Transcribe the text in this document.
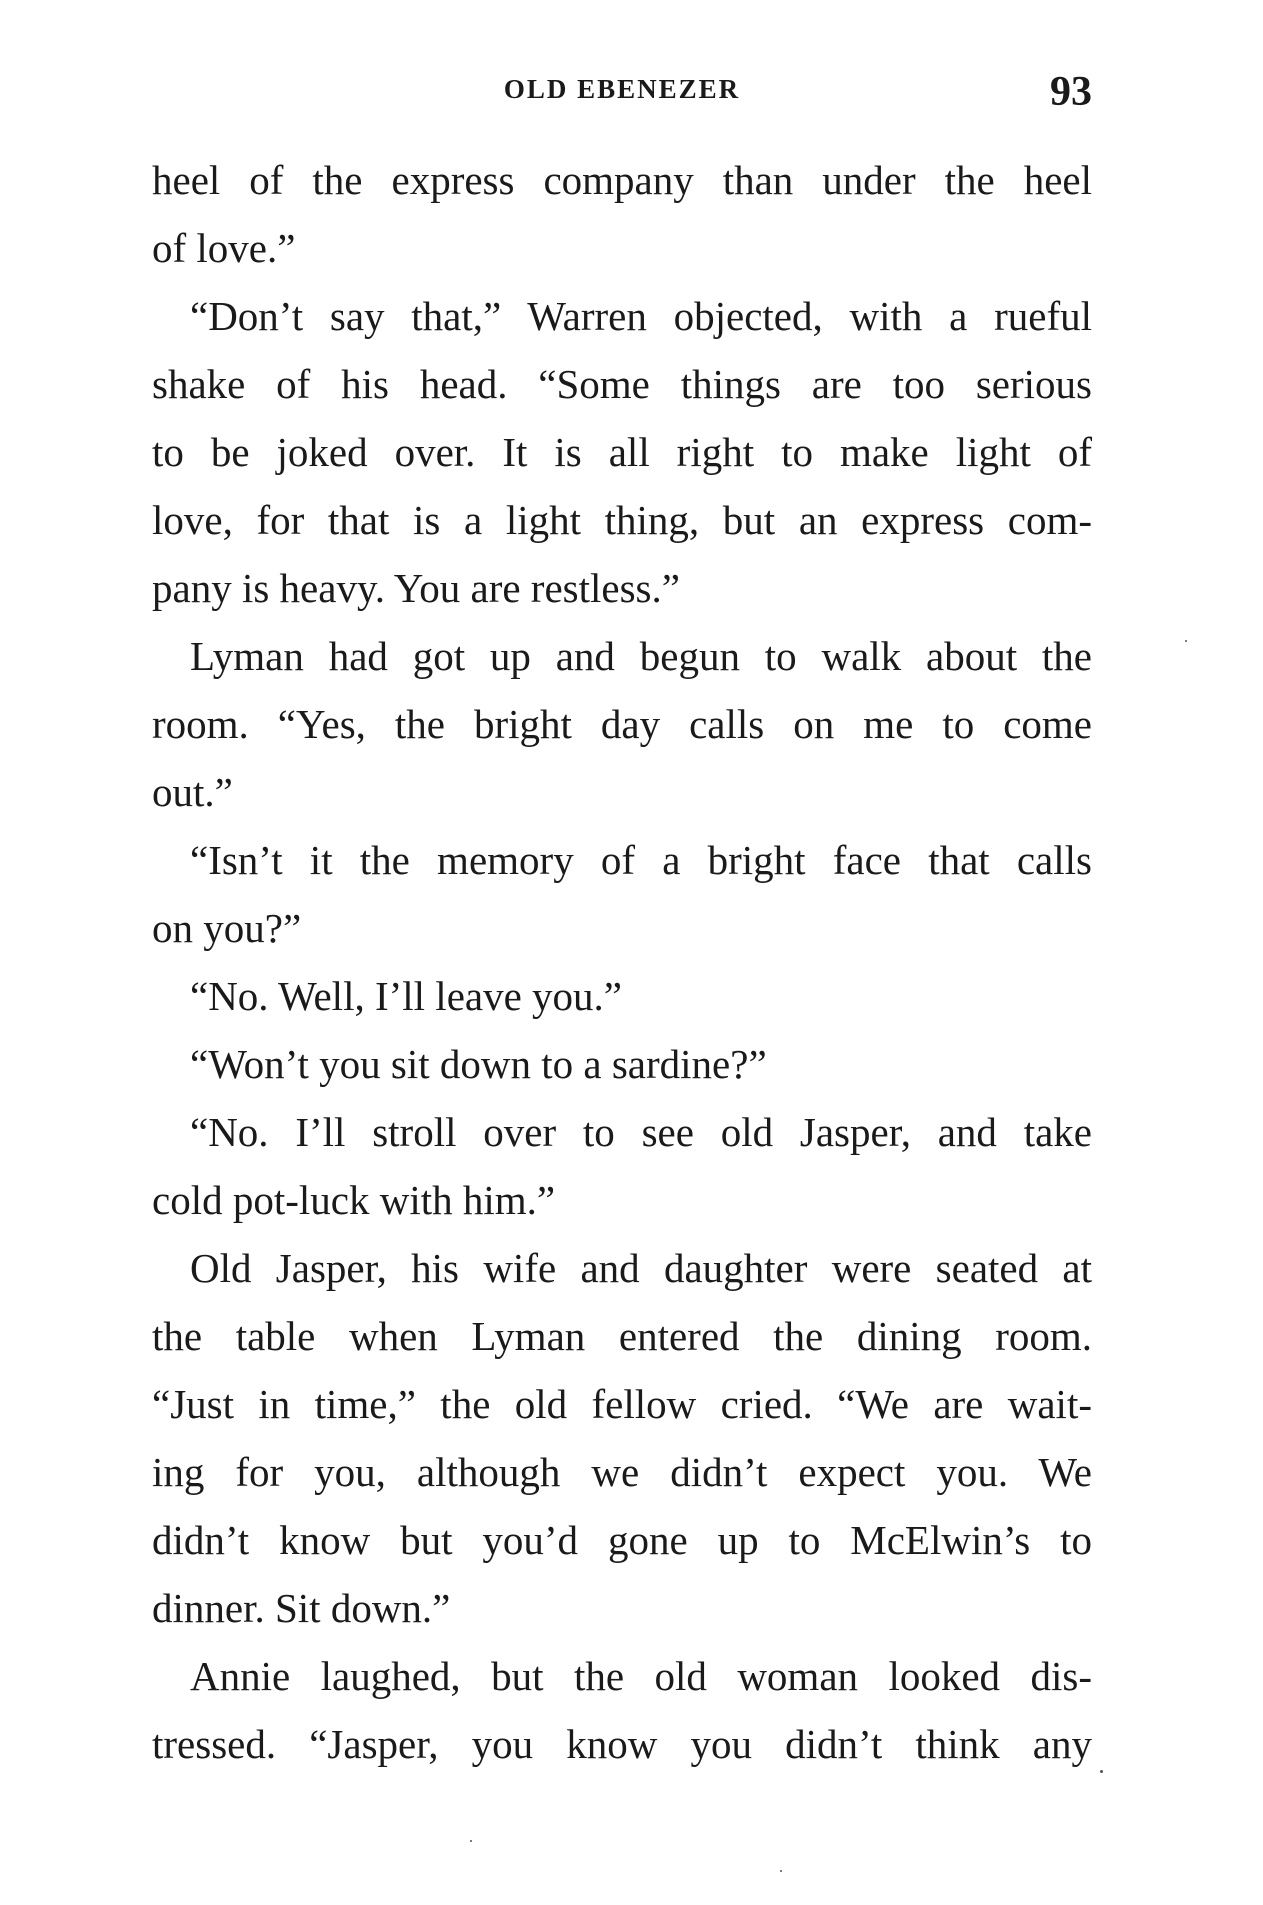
OLD EBENEZER	93
heel of the express company than under the heel
of love.”
“Don’t say that,” Warren objected, with a rueful
shake of his head. “Some things are too serious
to be joked over. It is all right to make light of
love, for that is a light thing, but an express com-
pany is heavy. You are restless.”
Lyman had got up and begun to walk about the
room. “Yes, the bright day calls on me to come
out.”
“Isn’t it the memory of a bright face that calls
on you?”
“No. Well, I’ll leave you.”
“Won’t you sit down to a sardine?”
“No. I’ll stroll over to see old Jasper, and take
cold pot-luck with him.”
Old Jasper, his wife and daughter were seated at
the table when Lyman entered the dining room.
“Just in time,” the old fellow cried. “We are wait-
ing for you, although we didn’t expect you. We
didn’t know but you’d gone up to McElwin’s to
dinner. Sit down.”
Annie laughed, but the old woman looked dis-
tressed. “Jasper, you know you didn’t think any
